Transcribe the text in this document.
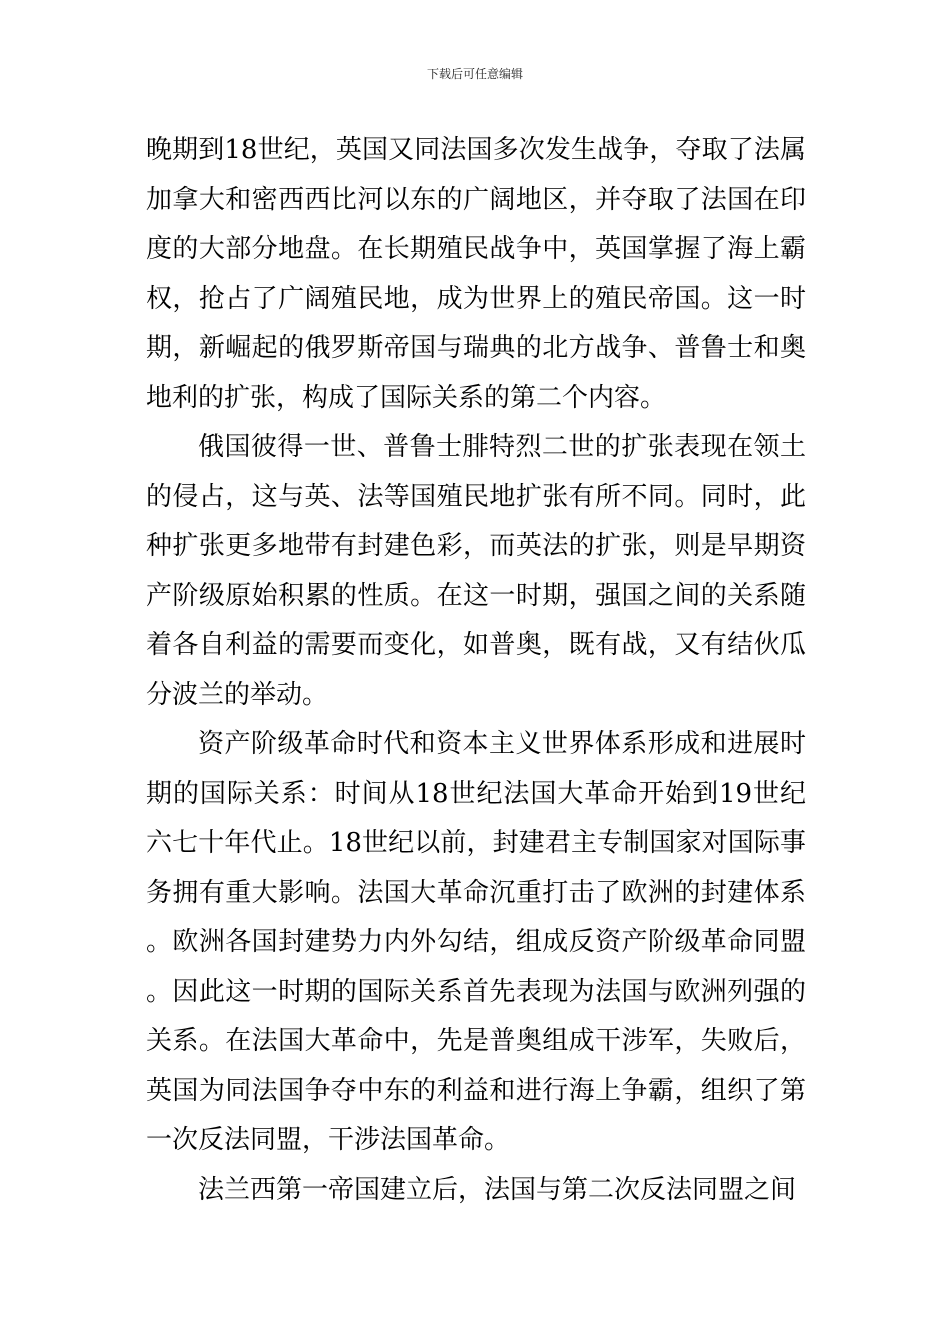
下载后可任意编辑

晚期到18世纪，英国又同法国多次发生战争，夺取了法属加拿大和密西西比河以东的广阔地区，并夺取了法国在印度的大部分地盘。在长期殖民战争中，英国掌握了海上霸权，抢占了广阔殖民地，成为世界上的殖民帝国。这一时期，新崛起的俄罗斯帝国与瑞典的北方战争、普鲁士和奥地利的扩张，构成了国际关系的第二个内容。

俄国彼得一世、普鲁士腓特烈二世的扩张表现在领土的侵占，这与英、法等国殖民地扩张有所不同。同时，此种扩张更多地带有封建色彩，而英法的扩张，则是早期资产阶级原始积累的性质。在这一时期，强国之间的关系随着各自利益的需要而变化，如普奥，既有战，又有结伙瓜分波兰的举动。

资产阶级革命时代和资本主义世界体系形成和进展时期的国际关系：时间从18世纪法国大革命开始到19世纪六七十年代止。18世纪以前，封建君主专制国家对国际事务拥有重大影响。法国大革命沉重打击了欧洲的封建体系。欧洲各国封建势力内外勾结，组成反资产阶级革命同盟。因此这一时期的国际关系首先表现为法国与欧洲列强的关系。在法国大革命中，先是普奥组成干涉军，失败后，英国为同法国争夺中东的利益和进行海上争霸，组织了第一次反法同盟，干涉法国革命。

法兰西第一帝国建立后，法国与第二次反法同盟之间
